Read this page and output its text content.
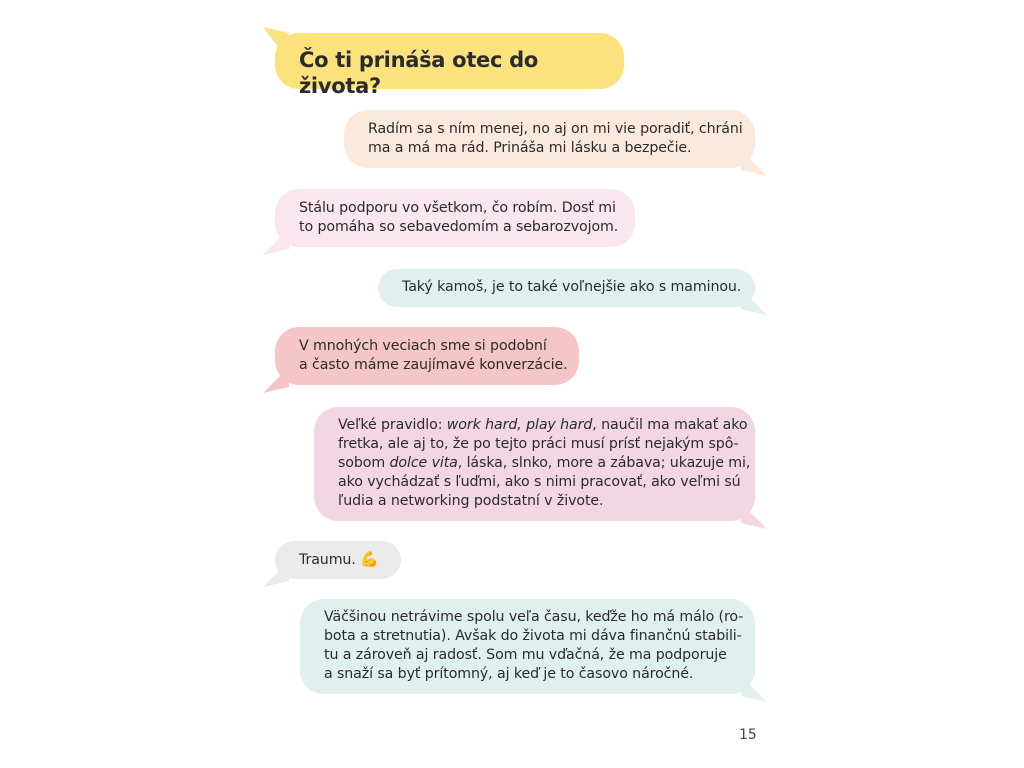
Čo ti prináša otec do života?
Radím sa s ním menej, no aj on mi vie poradiť, chráni
ma a má ma rád. Prináša mi lásku a bezpečie.
Stálu podporu vo všetkom, čo robím. Dosť mi
to pomáha so sebavedomím a sebarozvojom.
Taký kamoš, je to také voľnejšie ako s maminou.
V mnohých veciach sme si podobní
a často máme zaujímavé konverzácie.
Veľké pravidlo: work hard, play hard, naučil ma makať ako
fretka, ale aj to, že po tejto práci musí prísť nejakým spô-
sobom dolce vita, láska, slnko, more a zábava; ukazuje mi,
ako vychádzať s ľuďmi, ako s nimi pracovať, ako veľmi sú
ľudia a networking podstatní v živote.
Traumu. 💪
Väčšinou netrávime spolu veľa času, keďže ho má málo (ro-
bota a stretnutia). Avšak do života mi dáva finančnú stabili-
tu a zároveň aj radosť. Som mu vďačná, že ma podporuje
a snaží sa byť prítomný, aj keď je to časovo náročné.
15
